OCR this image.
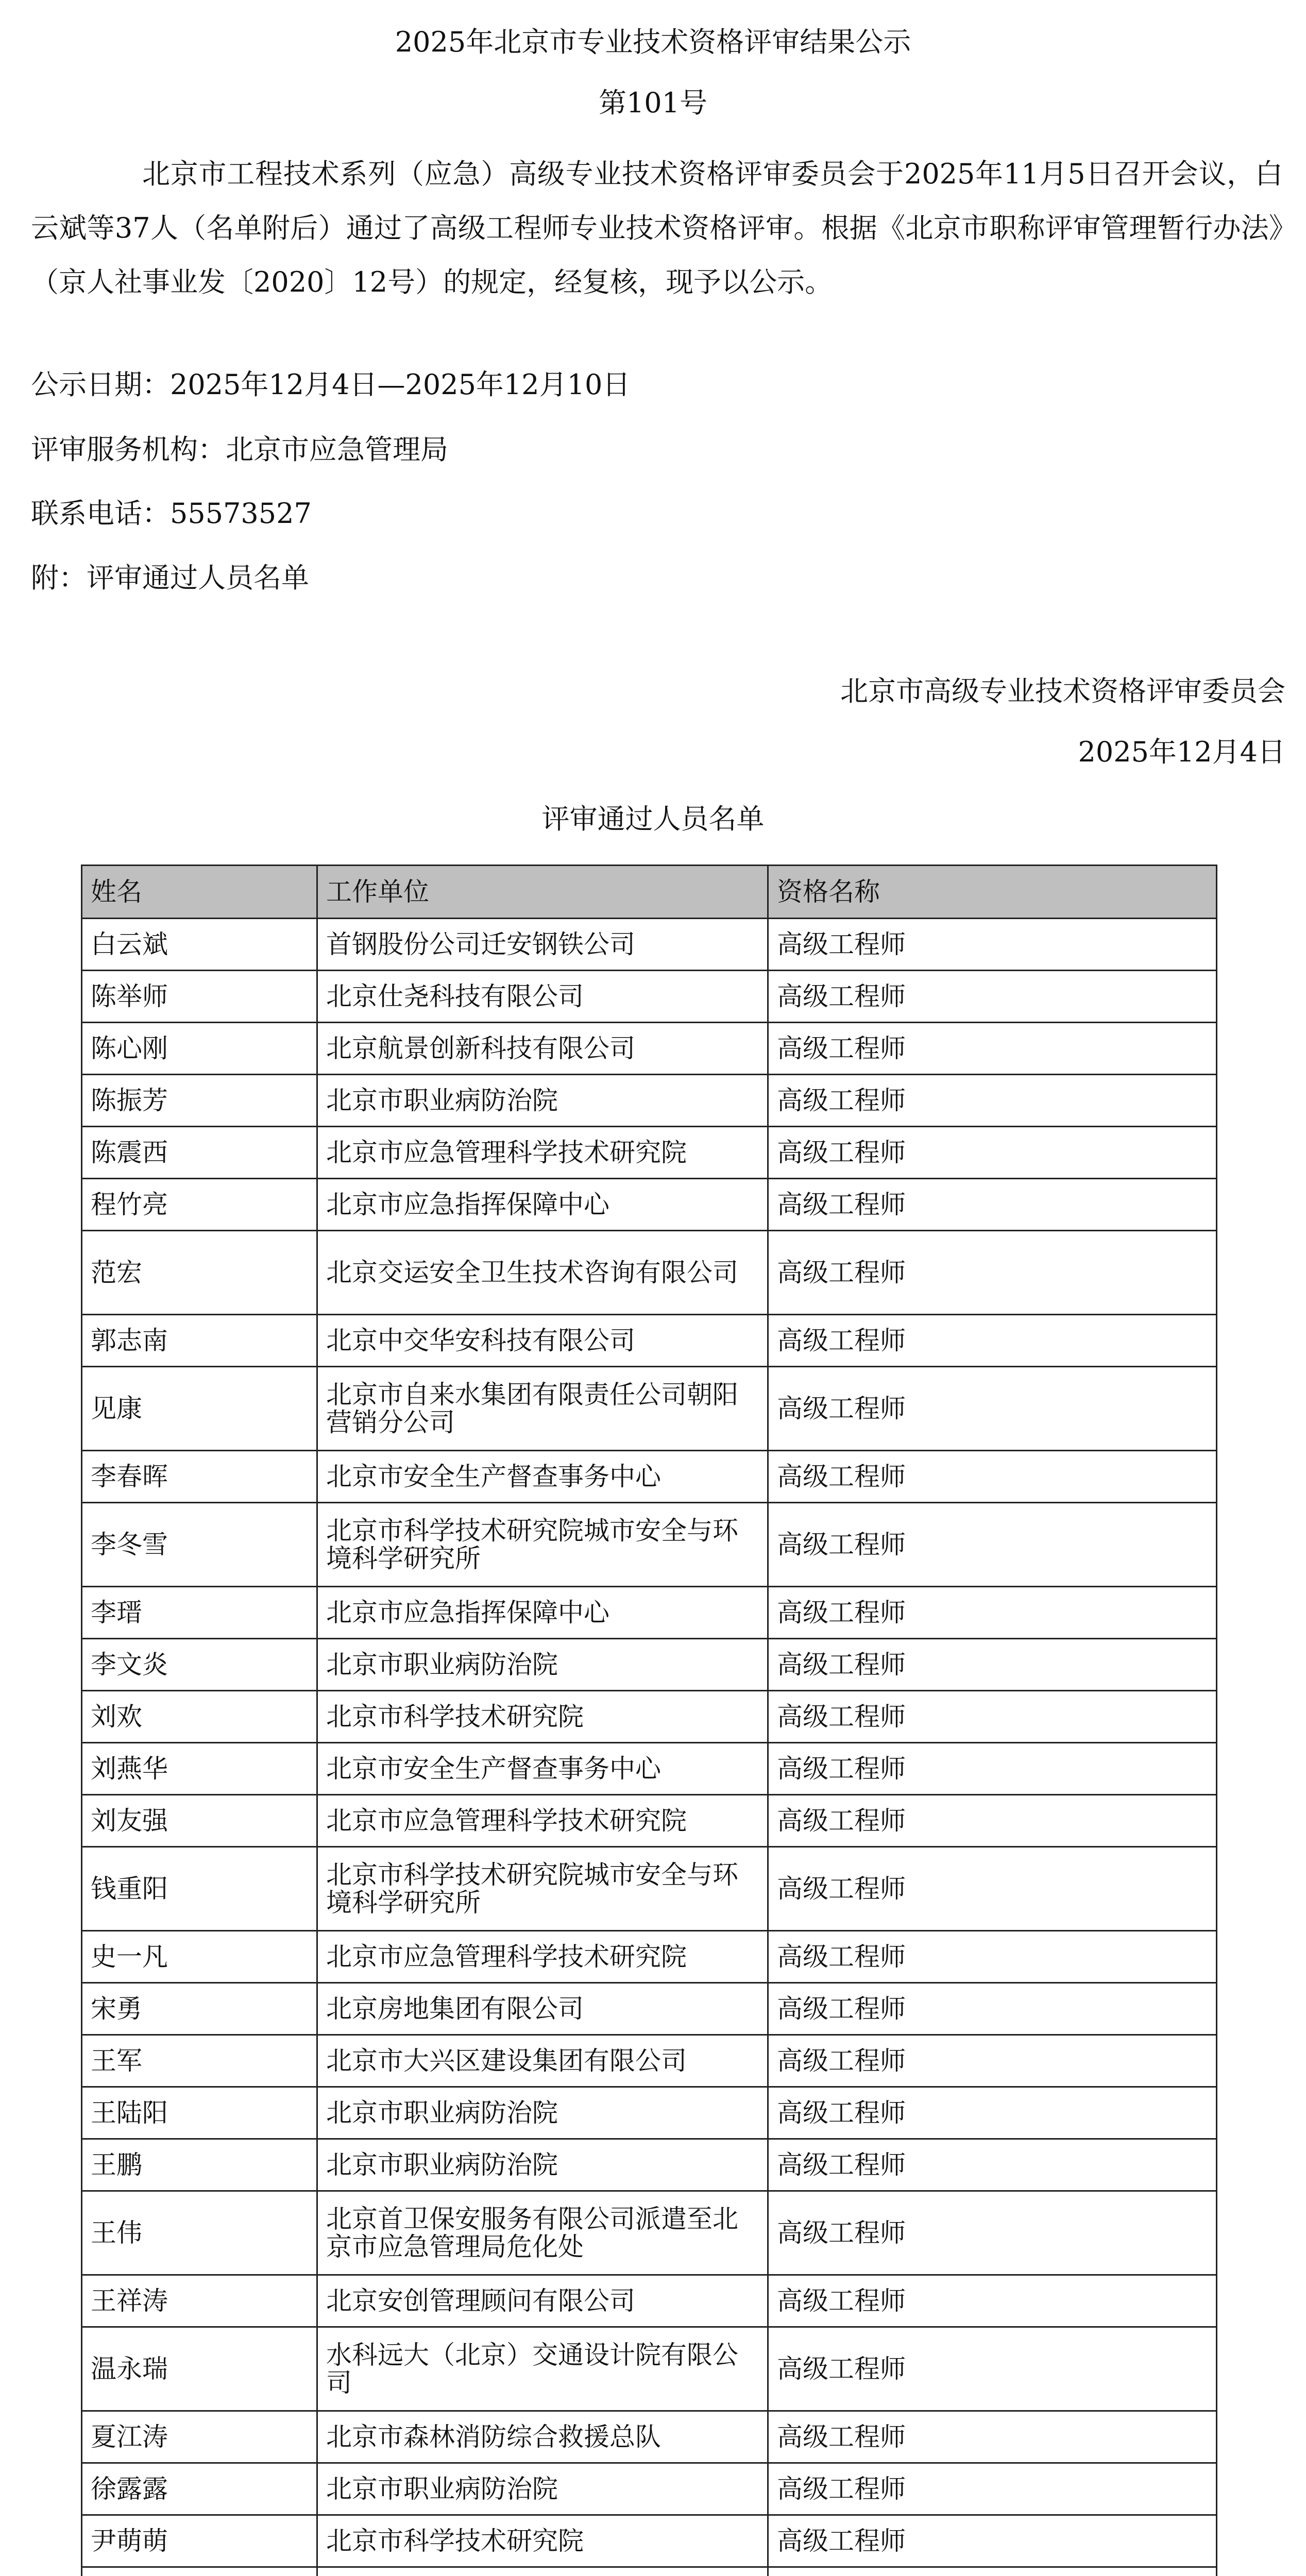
2025年北京市专业技术资格评审结果公示
第101号
北京市工程技术系列（应急）高级专业技术资格评审委员会于2025年11月5日召开会议，白云斌等37人（名单附后）通过了高级工程师专业技术资格评审。根据《北京市职称评审管理暂行办法》（京人社事业发〔2020〕12号）的规定，经复核，现予以公示。
公示日期：2025年12月4日—2025年12月10日
评审服务机构：北京市应急管理局
联系电话：55573527
附：评审通过人员名单
北京市高级专业技术资格评审委员会
2025年12月4日
评审通过人员名单
姓名	工作单位	资格名称
白云斌	首钢股份公司迁安钢铁公司	高级工程师
陈举师	北京仕尧科技有限公司	高级工程师
陈心刚	北京航景创新科技有限公司	高级工程师
陈振芳	北京市职业病防治院	高级工程师
陈震西	北京市应急管理科学技术研究院	高级工程师
程竹亮	北京市应急指挥保障中心	高级工程师
范宏	北京交运安全卫生技术咨询有限公司	高级工程师
郭志南	北京中交华安科技有限公司	高级工程师
见康	北京市自来水集团有限责任公司朝阳营销分公司	高级工程师
李春晖	北京市安全生产督查事务中心	高级工程师
李冬雪	北京市科学技术研究院城市安全与环境科学研究所	高级工程师
李瑨	北京市应急指挥保障中心	高级工程师
李文炎	北京市职业病防治院	高级工程师
刘欢	北京市科学技术研究院	高级工程师
刘燕华	北京市安全生产督查事务中心	高级工程师
刘友强	北京市应急管理科学技术研究院	高级工程师
钱重阳	北京市科学技术研究院城市安全与环境科学研究所	高级工程师
史一凡	北京市应急管理科学技术研究院	高级工程师
宋勇	北京房地集团有限公司	高级工程师
王军	北京市大兴区建设集团有限公司	高级工程师
王陆阳	北京市职业病防治院	高级工程师
王鹏	北京市职业病防治院	高级工程师
王伟	北京首卫保安服务有限公司派遣至北京市应急管理局危化处	高级工程师
王祥涛	北京安创管理顾问有限公司	高级工程师
温永瑞	水科远大（北京）交通设计院有限公司	高级工程师
夏江涛	北京市森林消防综合救援总队	高级工程师
徐露露	北京市职业病防治院	高级工程师
尹萌萌	北京市科学技术研究院	高级工程师
